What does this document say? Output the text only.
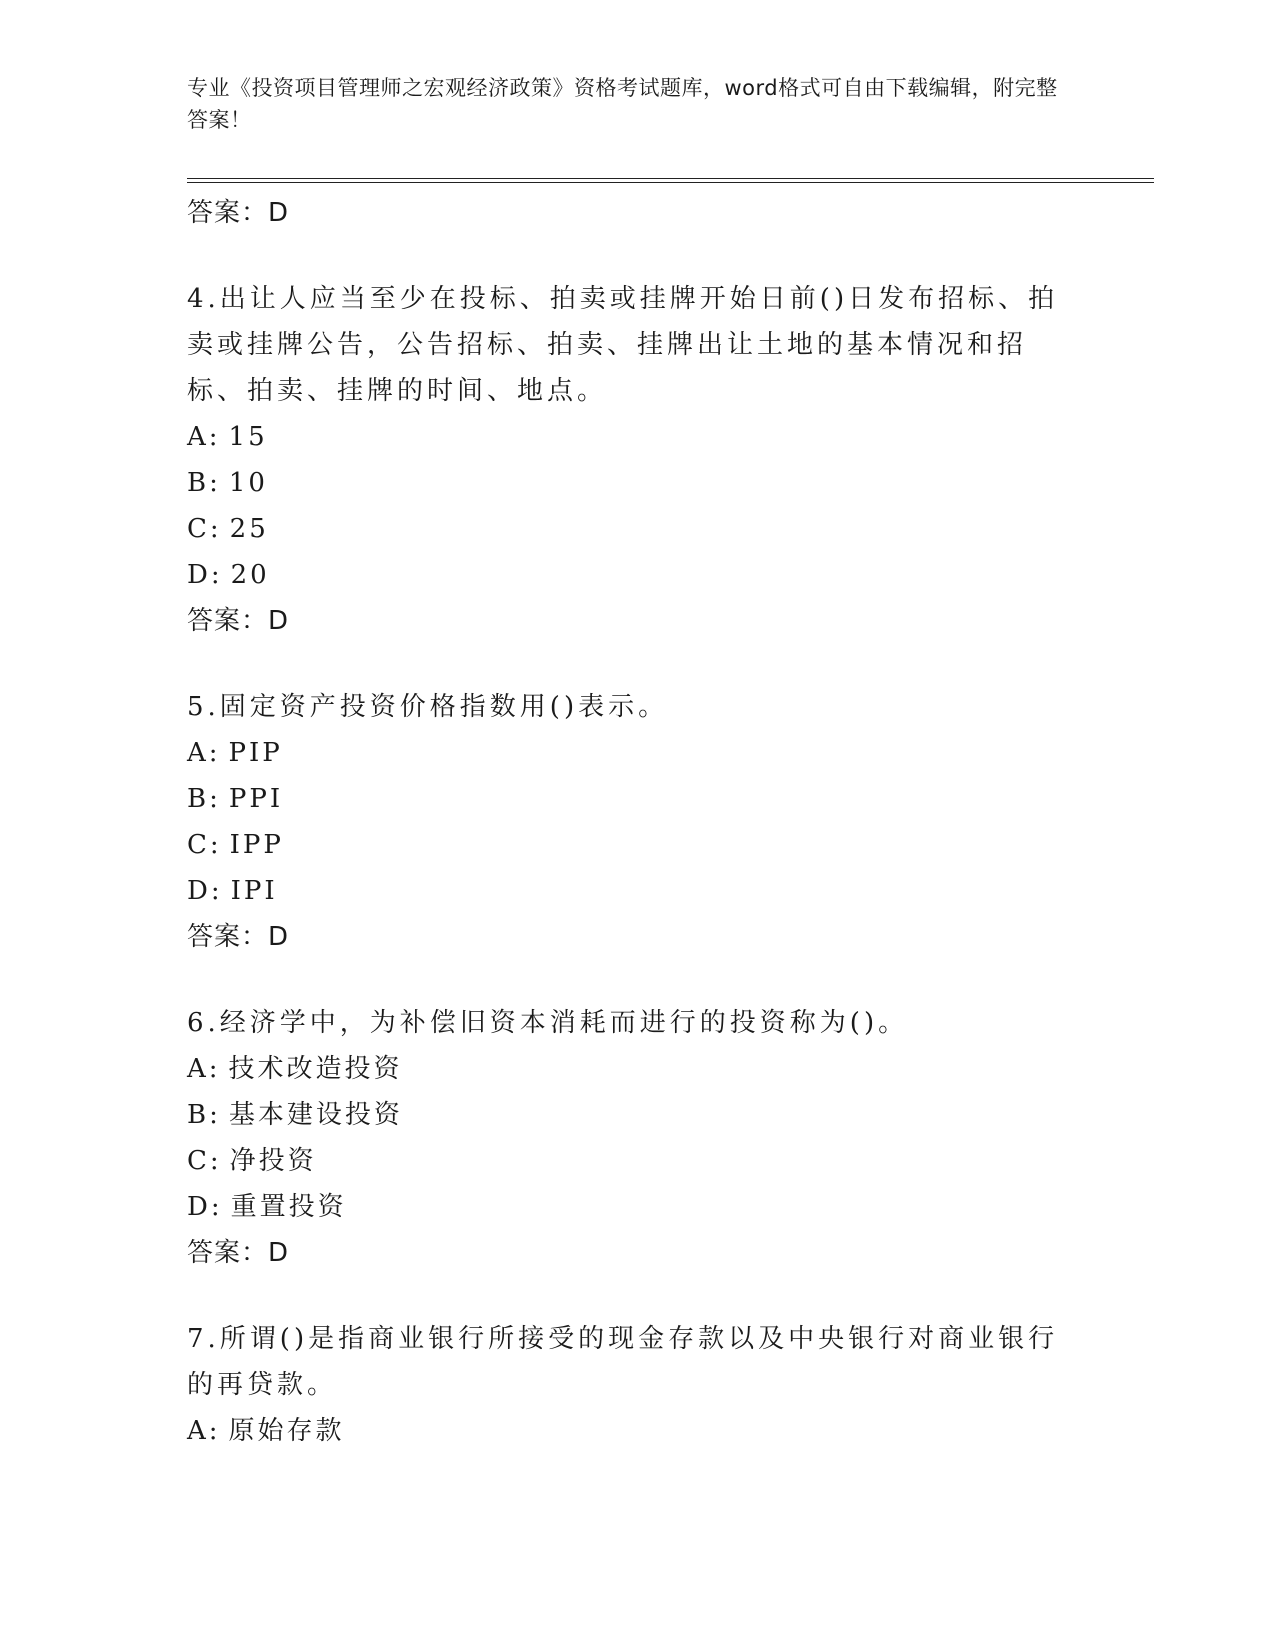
专业《投资项目管理师之宏观经济政策》资格考试题库，word格式可自由下载编辑，附完整答案！
答案：D
4.出让人应当至少在投标、拍卖或挂牌开始日前()日发布招标、拍卖或挂牌公告，公告招标、拍卖、挂牌出让土地的基本情况和招标、拍卖、挂牌的时间、地点。
A: 15
B: 10
C: 25
D: 20
答案：D
5.固定资产投资价格指数用()表示。
A: PIP
B: PPI
C: IPP
D: IPI
答案：D
6.经济学中，为补偿旧资本消耗而进行的投资称为()。
A: 技术改造投资
B: 基本建设投资
C: 净投资
D: 重置投资
答案：D
7.所谓()是指商业银行所接受的现金存款以及中央银行对商业银行的再贷款。
A: 原始存款
